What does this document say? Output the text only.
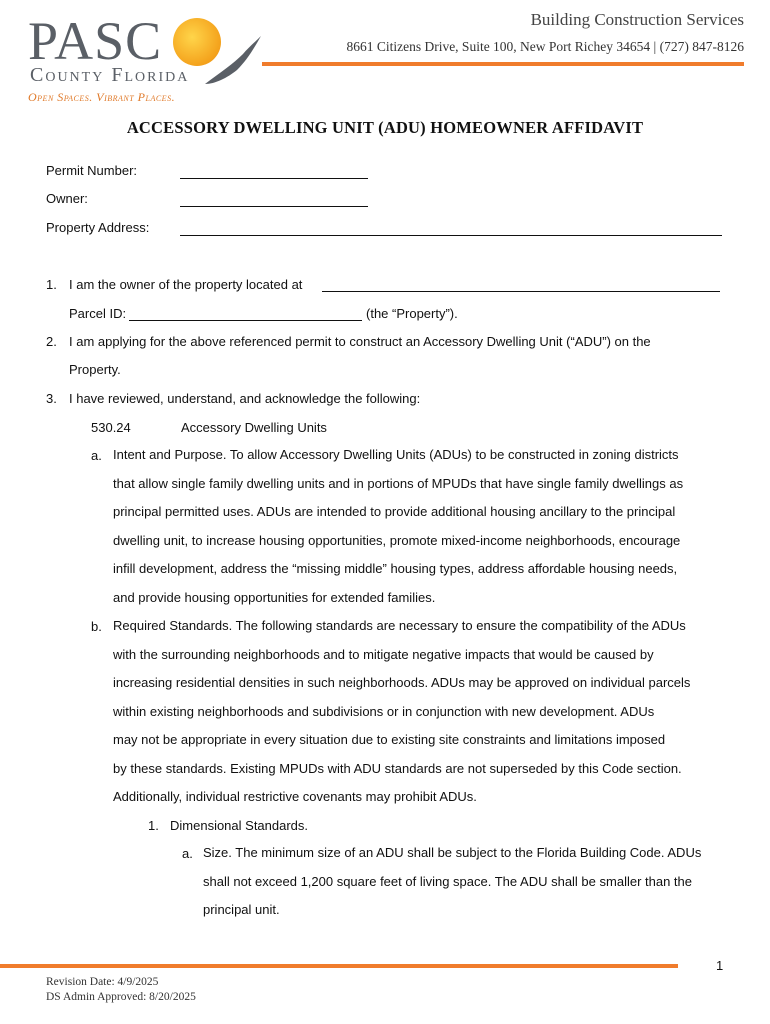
PASC
County Florida
Open Spaces. Vibrant Places.
Building Construction Services
8661 Citizens Drive, Suite 100, New Port Richey 34654 | (727) 847-8126
ACCESSORY DWELLING UNIT (ADU) HOMEOWNER AFFIDAVIT
Permit Number:
Owner:
Property Address:
1. I am the owner of the property located at
Parcel ID:	(the “Property”).
2. I am applying for the above referenced permit to construct an Accessory Dwelling Unit (“ADU”) on the
Property.
3. I have reviewed, understand, and acknowledge the following:
530.24	Accessory Dwelling Units
a. Intent and Purpose. To allow Accessory Dwelling Units (ADUs) to be constructed in zoning districts
that allow single family dwelling units and in portions of MPUDs that have single family dwellings as
principal permitted uses. ADUs are intended to provide additional housing ancillary to the principal
dwelling unit, to increase housing opportunities, promote mixed-income neighborhoods, encourage
infill development, address the “missing middle” housing types, address affordable housing needs,
and provide housing opportunities for extended families.
b. Required Standards. The following standards are necessary to ensure the compatibility of the ADUs
with the surrounding neighborhoods and to mitigate negative impacts that would be caused by
increasing residential densities in such neighborhoods. ADUs may be approved on individual parcels
within existing neighborhoods and subdivisions or in conjunction with new development. ADUs
may not be appropriate in every situation due to existing site constraints and limitations imposed
by these standards. Existing MPUDs with ADU standards are not superseded by this Code section.
Additionally, individual restrictive covenants may prohibit ADUs.
1. Dimensional Standards.
a. Size. The minimum size of an ADU shall be subject to the Florida Building Code. ADUs
shall not exceed 1,200 square feet of living space. The ADU shall be smaller than the
principal unit.
1
Revision Date: 4/9/2025
DS Admin Approved: 8/20/2025
